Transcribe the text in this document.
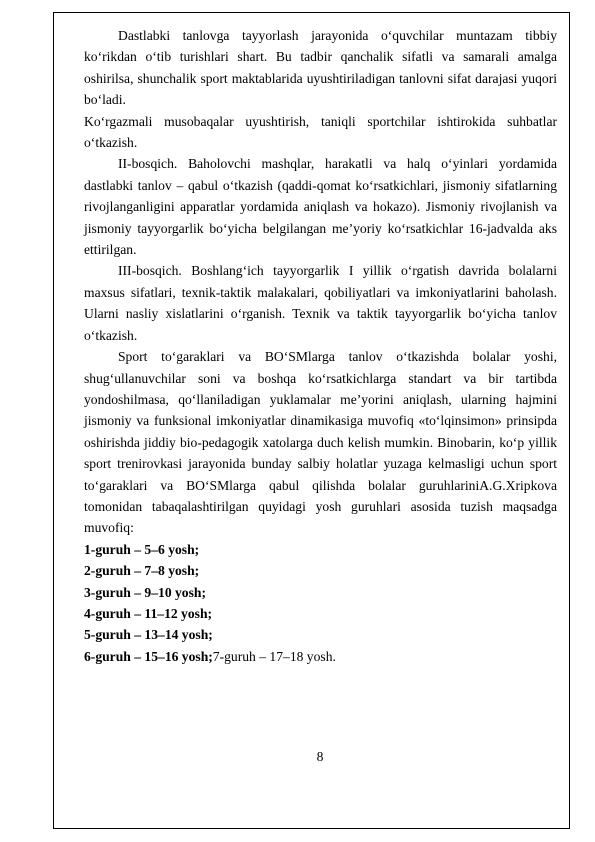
Dastlabki tanlovga tayyorlash jarayonida o‘quvchilar muntazam tibbiy ko‘rikdan o‘tib turishlari shart. Bu tadbir qanchalik sifatli va samarali amalga oshirilsa, shunchalik sport maktablarida uyushtiriladigan tanlovni sifat darajasi yuqori bo‘ladi.

Ko‘rgazmali musobaqalar uyushtirish, taniqli sportchilar ishtirokida suhbatlar o‘tkazish.

II-bosqich. Baholovchi mashqlar, harakatli va halq o‘yinlari yordamida dastlabki tanlov – qabul o‘tkazish (qaddi-qomat ko‘rsatkichlari, jismoniy sifatlarning rivojlanganligini apparatlar yordamida aniqlash va hokazo). Jismoniy rivojlanish va jismoniy tayyorgarlik bo‘yicha belgilangan me’yoriy ko‘rsatkichlar 16-jadvalda aks ettirilgan.

III-bosqich. Boshlang‘ich tayyorgarlik I yillik o‘rgatish davrida bolalarni maxsus sifatlari, texnik-taktik malakalari, qobiliyatlari va imkoniyatlarini baholash. Ularni nasliy xislatlarini o‘rganish. Texnik va taktik tayyorgarlik bo‘yicha tanlov o‘tkazish.

Sport to‘garaklari va BO‘SMlarga tanlov o‘tkazishda bolalar yoshi, shug‘ullanuvchilar soni va boshqa ko‘rsatkichlarga standart va bir tartibda yondoshilmasa, qo‘llaniladigan yuklamalar me’yorini aniqlash, ularning hajmini jismoniy va funksional imkoniyatlar dinamikasiga muvofiq «to‘lqinsimon» prinsipda oshirishda jiddiy bio-pedagogik xatolarga duch kelish mumkin. Binobarin, ko‘p yillik sport trenirovkasi jarayonida bunday salbiy holatlar yuzaga kelmasligi uchun sport to‘garaklari va BO‘SMlarga qabul qilishda bolalar guruhlariniA.G.Xripkova tomonidan tabaqalashtirilgan quyidagi yosh guruhlari asosida tuzish maqsadga muvofiq:

1-guruh – 5–6 yosh;
2-guruh – 7–8 yosh;
3-guruh – 9–10 yosh;
4-guruh – 11–12 yosh;
5-guruh – 13–14 yosh;
6-guruh – 15–16 yosh;7-guruh – 17–18 yosh.
8
